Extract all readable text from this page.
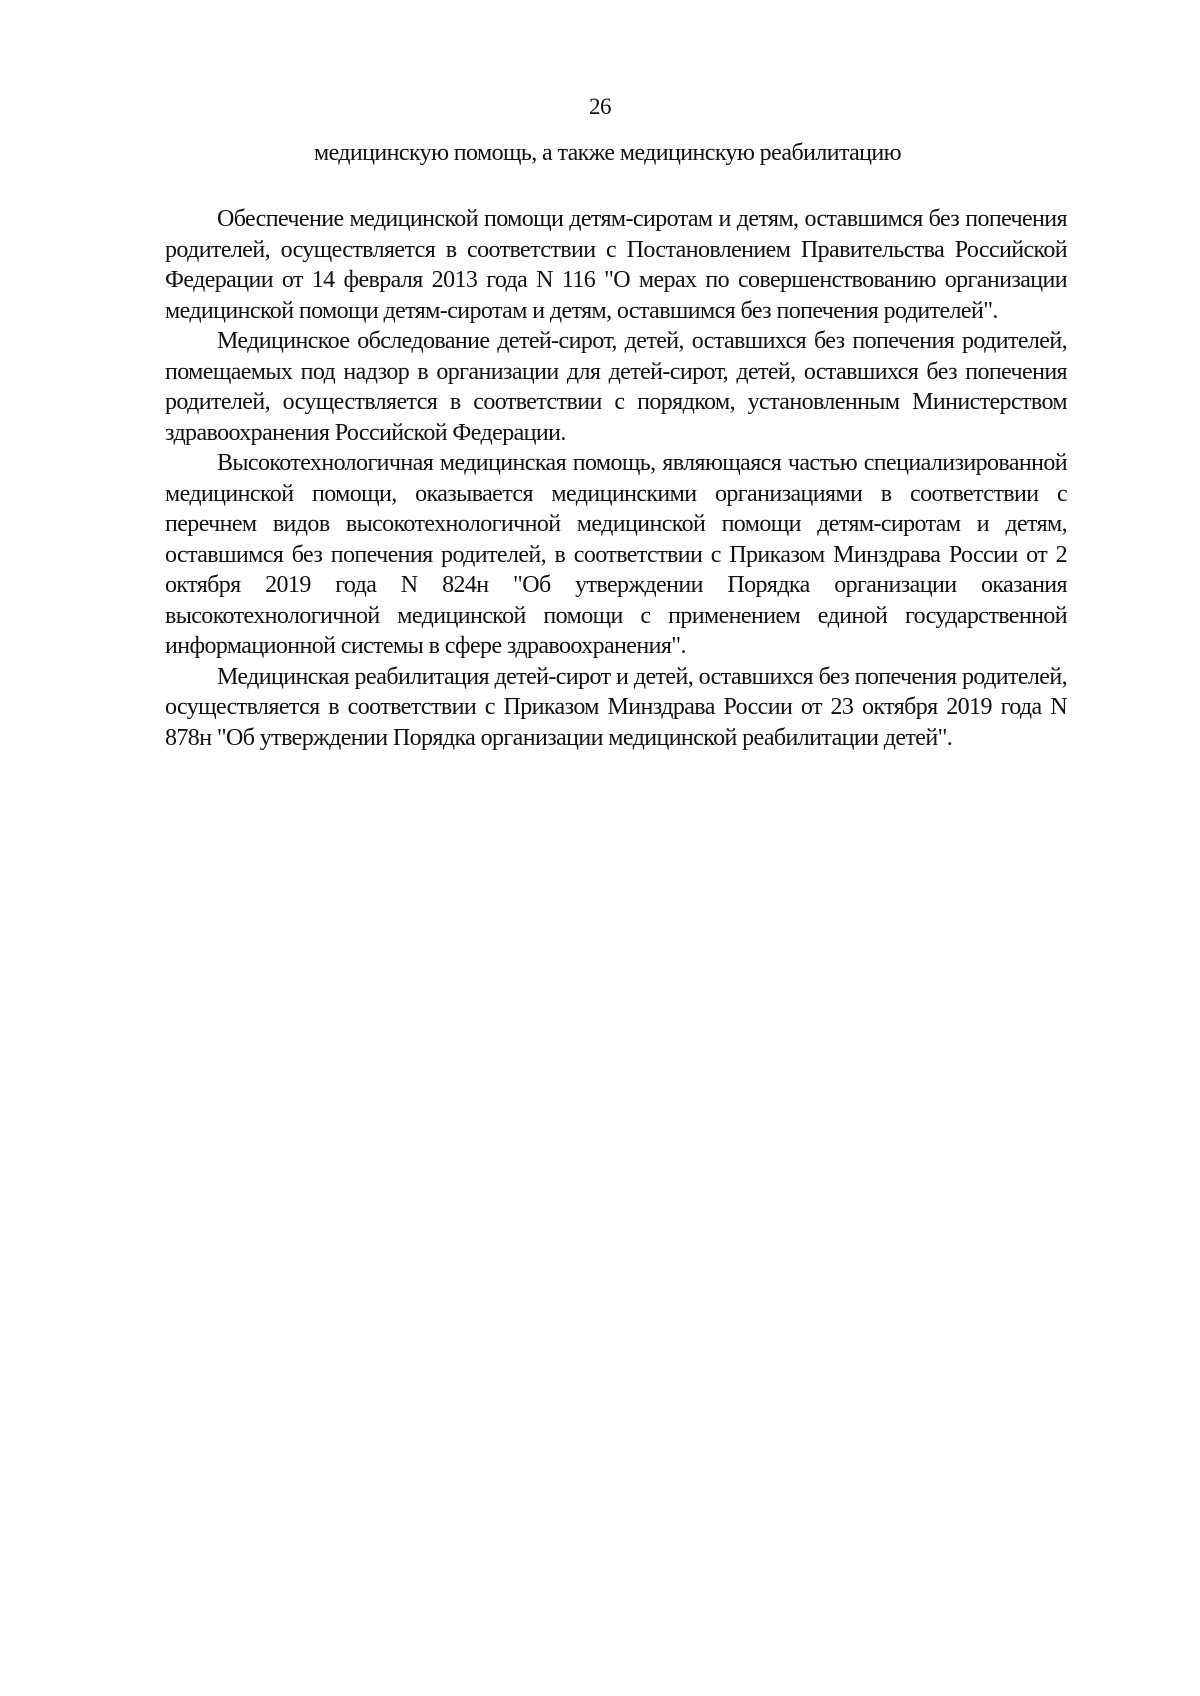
26
медицинскую помощь, а также медицинскую реабилитацию

Обеспечение медицинской помощи детям-сиротам и детям, оставшимся без попечения родителей, осуществляется в соответствии с Постановлением Правительства Российской Федерации от 14 февраля 2013 года N 116 "О мерах по совершенствованию организации медицинской помощи детям-сиротам и детям, оставшимся без попечения родителей".

Медицинское обследование детей-сирот, детей, оставшихся без попечения родителей, помещаемых под надзор в организации для детей-сирот, детей, оставшихся без попечения родителей, осуществляется в соответствии с порядком, установленным Министерством здравоохранения Российской Федерации.

Высокотехнологичная медицинская помощь, являющаяся частью специализированной медицинской помощи, оказывается медицинскими организациями в соответствии с перечнем видов высокотехнологичной медицинской помощи детям-сиротам и детям, оставшимся без попечения родителей, в соответствии с Приказом Минздрава России от 2 октября 2019 года N 824н "Об утверждении Порядка организации оказания высокотехнологичной медицинской помощи с применением единой государственной информационной системы в сфере здравоохранения".

Медицинская реабилитация детей-сирот и детей, оставшихся без попечения родителей, осуществляется в соответствии с Приказом Минздрава России от 23 октября 2019 года N 878н "Об утверждении Порядка организации медицинской реабилитации детей".
